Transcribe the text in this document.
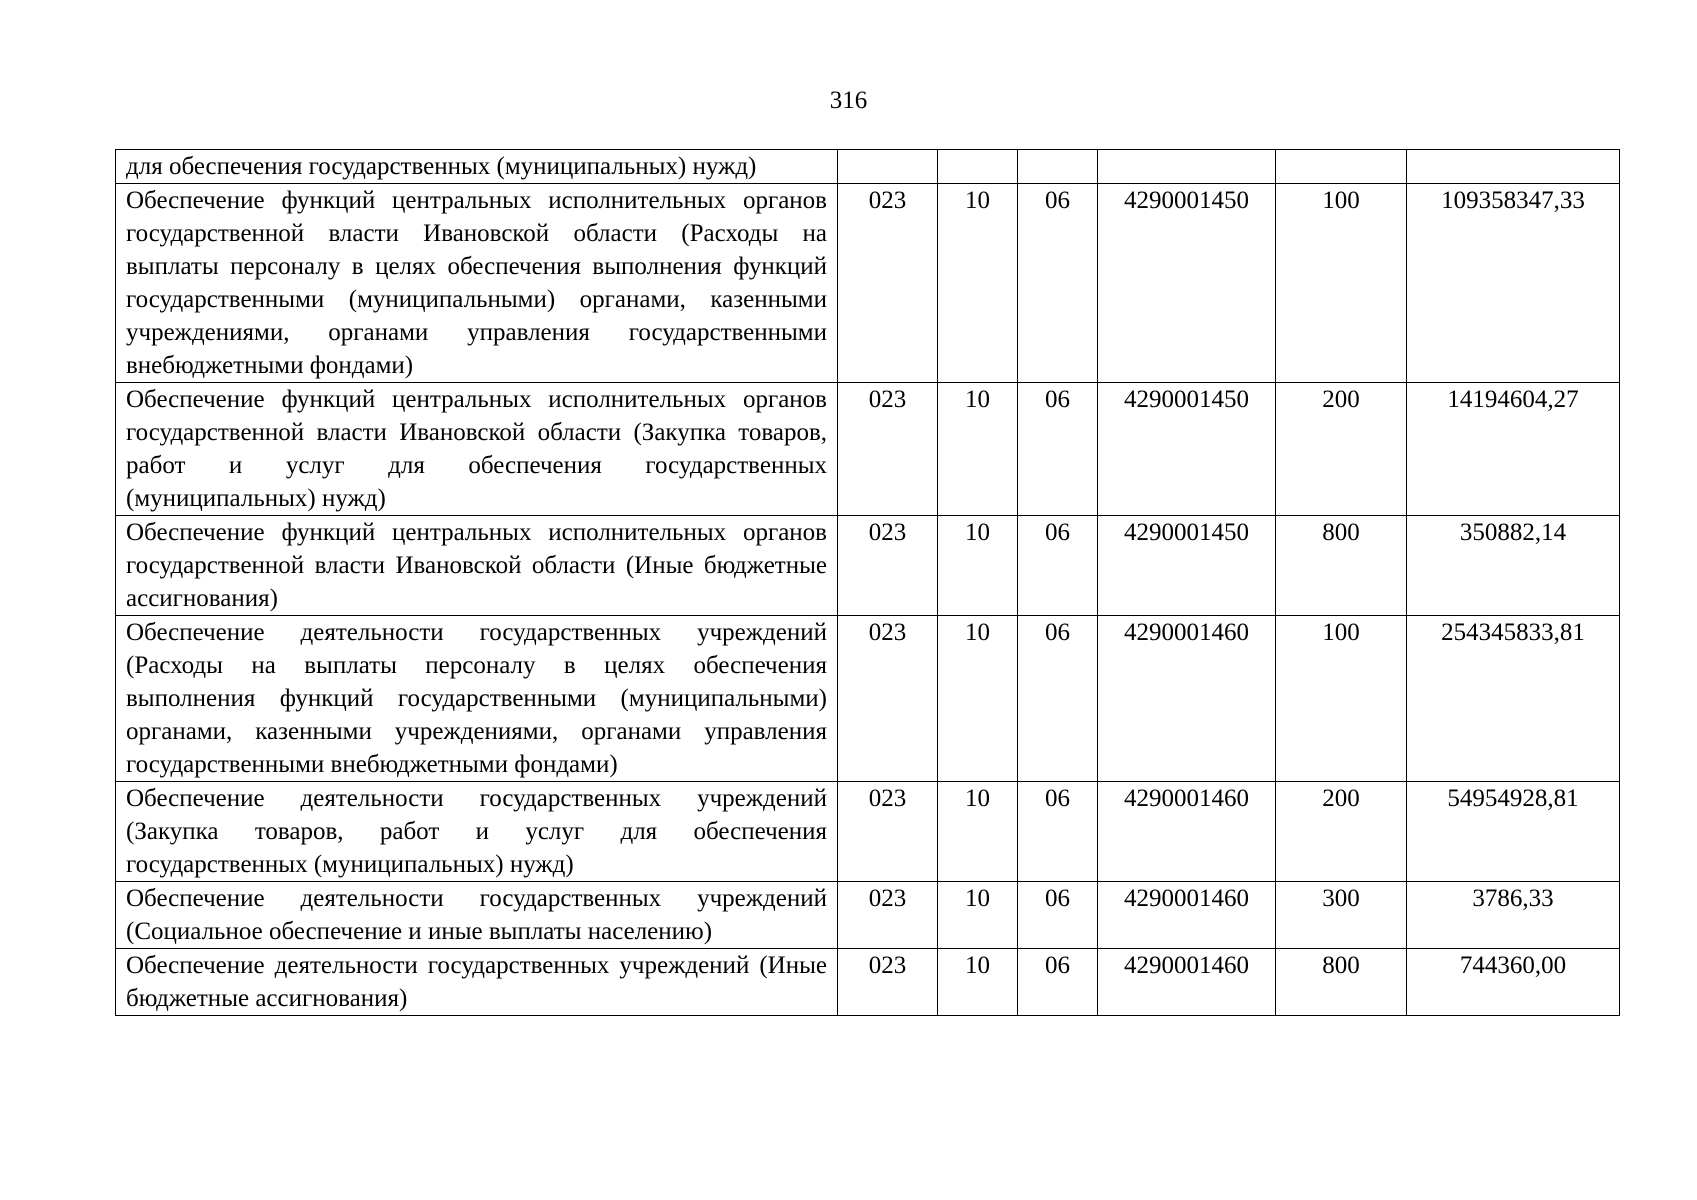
316
для обеспечения государственных (муниципальных) нужд)						
Обеспечение функций центральных исполнительных органов государственной власти Ивановской области (Расходы на выплаты персоналу в целях обеспечения выполнения функций государственными (муниципальными) органами, казенными учреждениями, органами управления государственными внебюджетными фондами)	023	10	06	4290001450	100	109358347,33
Обеспечение функций центральных исполнительных органов государственной власти Ивановской области (Закупка товаров, работ и услуг для обеспечения государственных (муниципальных) нужд)	023	10	06	4290001450	200	14194604,27
Обеспечение функций центральных исполнительных органов государственной власти Ивановской области (Иные бюджетные ассигнования)	023	10	06	4290001450	800	350882,14
Обеспечение деятельности государственных учреждений (Расходы на выплаты персоналу в целях обеспечения выполнения функций государственными (муниципальными) органами, казенными учреждениями, органами управления государственными внебюджетными фондами)	023	10	06	4290001460	100	254345833,81
Обеспечение деятельности государственных учреждений (Закупка товаров, работ и услуг для обеспечения государственных (муниципальных) нужд)	023	10	06	4290001460	200	54954928,81
Обеспечение деятельности государственных учреждений (Социальное обеспечение и иные выплаты населению)	023	10	06	4290001460	300	3786,33
Обеспечение деятельности государственных учреждений (Иные бюджетные ассигнования)	023	10	06	4290001460	800	744360,00
